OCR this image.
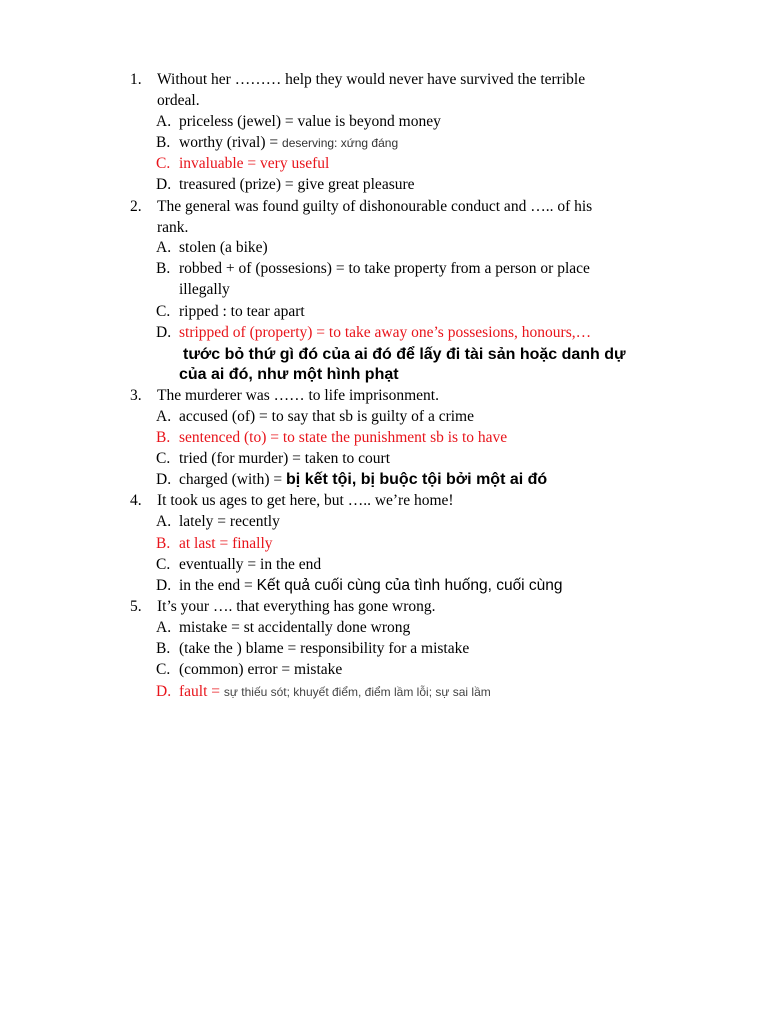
1. Without her ……… help they would never have survived the terrible
ordeal.
A. priceless (jewel) = value is beyond money
B. worthy (rival) = deserving: xứng đáng
C. invaluable = very useful
D. treasured (prize) = give great pleasure
2. The general was found guilty of dishonourable conduct and ….. of his
rank.
A. stolen (a bike)
B. robbed + of (possesions) = to take property from a person or place
illegally
C. ripped : to tear apart
D. stripped of (property) = to take away one’s possesions, honours,…
tước bỏ thứ gì đó của ai đó để lấy đi tài sản hoặc danh dự
của ai đó, như một hình phạt
3. The murderer was …… to life imprisonment.
A. accused (of) = to say that sb is guilty of a crime
B. sentenced (to) = to state the punishment sb is to have
C. tried (for murder) = taken to court
D. charged (with) = bị kết tội, bị buộc tội bởi một ai đó
4. It took us ages to get here, but ….. we’re home!
A. lately = recently
B. at last = finally
C. eventually = in the end
D. in the end = Kết quả cuối cùng của tình huống, cuối cùng
5. It’s your …. that everything has gone wrong.
A. mistake = st accidentally done wrong
B. (take the ) blame = responsibility for a mistake
C. (common) error = mistake
D. fault = sự thiếu sót; khuyết điểm, điểm lầm lỗi; sự sai lầm
